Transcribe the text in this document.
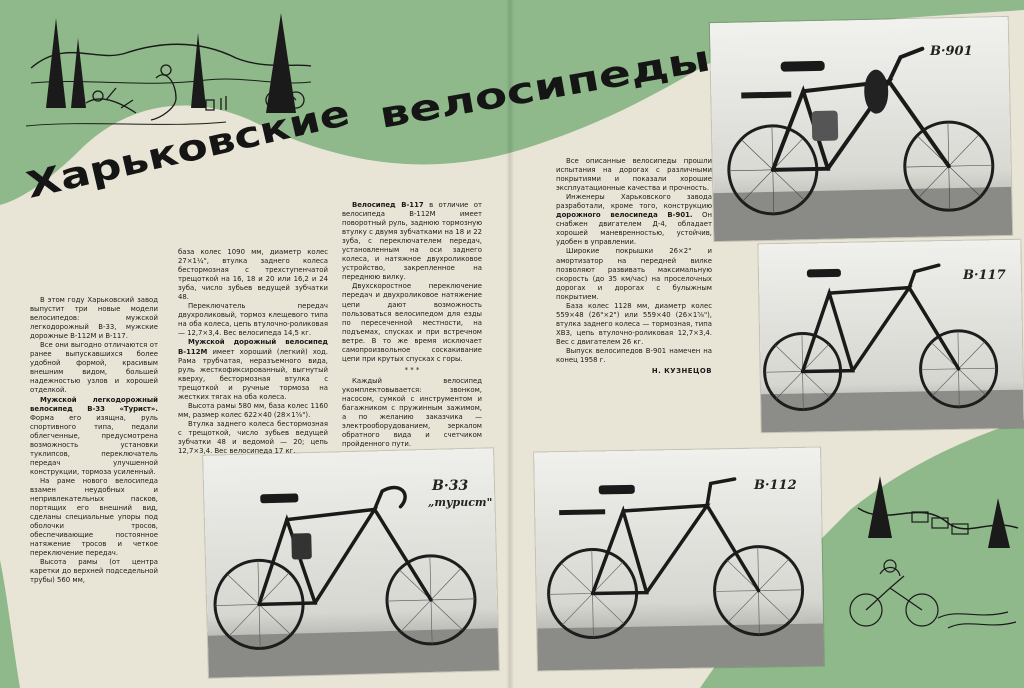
Харьковские
велосипеды

В этом году Харьковский завод выпустит три новые модели велосипедов: мужской легкодорожный В-33, мужские дорожные В-112М и В-117.

Все они выгодно отличаются от ранее выпускавшихся более удобной формой, красивым внешним видом, большей надежностью узлов и хорошей отделкой.

Мужской легкодорожный велосипед В-33 «Турист». Форма его изящна, руль спортивного типа, педали облегченные, предусмотрена возможность установки туклипсов, переключатель передач улучшенной конструкции, тормоза усиленный.

На раме нового велосипеда взамен неудобных и непривлекательных пасков, портящих его внешний вид, сделаны специальные упоры под оболочки тросов, обеспечивающие постоянное натяжение тросов и четкое переключение передач.

Высота рамы (от центра каретки до верхней подседельной трубы) 560 мм,

база колес 1090 мм, диаметр колес 27×1¼", втулка заднего колеса бестормозная с трехступенчатой трещоткой на 16, 18 и 20 или 16,2 и 24 зуба, число зубьев ведущей зубчатки 48.

Переключатель передач двухроликовый, тормоз клещевого типа на оба колеса, цепь втулочно-роликовая — 12,7×3,4. Вес велосипеда 14,5 кг.

Мужской дорожный велосипед В-112М имеет хороший (легкий) ход. Рама трубчатая, неразъемного вида, руль жесткофиксированный, выгнутый кверху, бестормозная втулка с трещоткой и ручные тормоза на жестких тягах на оба колеса.

Высота рамы 580 мм, база колес 1160 мм, размер колес 622×40 (28×1⅝").

Втулка заднего колеса бестормозная с трещоткой, число зубьев ведущей зубчатки 48 и ведомой — 20; цепь 12,7×3,4. Вес велосипеда 17 кг.

Велосипед В-117 в отличие от велосипеда В-112М имеет поворотный руль, заднюю тормозную втулку с двумя зубчатками на 18 и 22 зуба, с переключателем передач, установленным на оси заднего колеса, и натяжное двухроликовое устройство, закрепленное на переднюю вилку.

Двухскоростное переключение передач и двухроликовое натяжение цепи дают возможность пользоваться велосипедом для езды по пересеченной местности, на подъемах, спусках и при встречном ветре. В то же время исключает самопроизвольное соскакивание цепи при крутых спусках с горы.

* * *

Каждый велосипед укомплектовывается: звонком, насосом, сумкой с инструментом и багажником с пружинным зажимом, а по желанию заказчика — электрооборудованием, зеркалом обратного вида и счетчиком пройденного пути.

Все описанные велосипеды прошли испытания на дорогах с различными покрытиями и показали хорошие эксплуатационные качества и прочность.

Инженеры Харьковского завода разработали, кроме того, конструкцию дорожного велосипеда В-901. Он снабжен двигателем Д-4, обладает хорошей маневренностью, устойчив, удобен в управлении.

Широкие покрышки 26×2" и амортизатор на передней вилке позволяют развивать максимальную скорость (до 35 км/час) на проселочных дорогах и дорогах с булыжным покрытием.

База колес 1128 мм, диаметр колес 559×48 (26"×2") или 559×40 (26×1⅝"), втулка заднего колеса — тормозная, типа ХВЗ, цепь втулочно-роликовая 12,7×3,4. Вес с двигателем 26 кг.

Выпуск велосипедов В-901 намечен на конец 1958 г.

Н. КУЗНЕЦОВ

В·901
В·117
В·33
„турист"
В·112
